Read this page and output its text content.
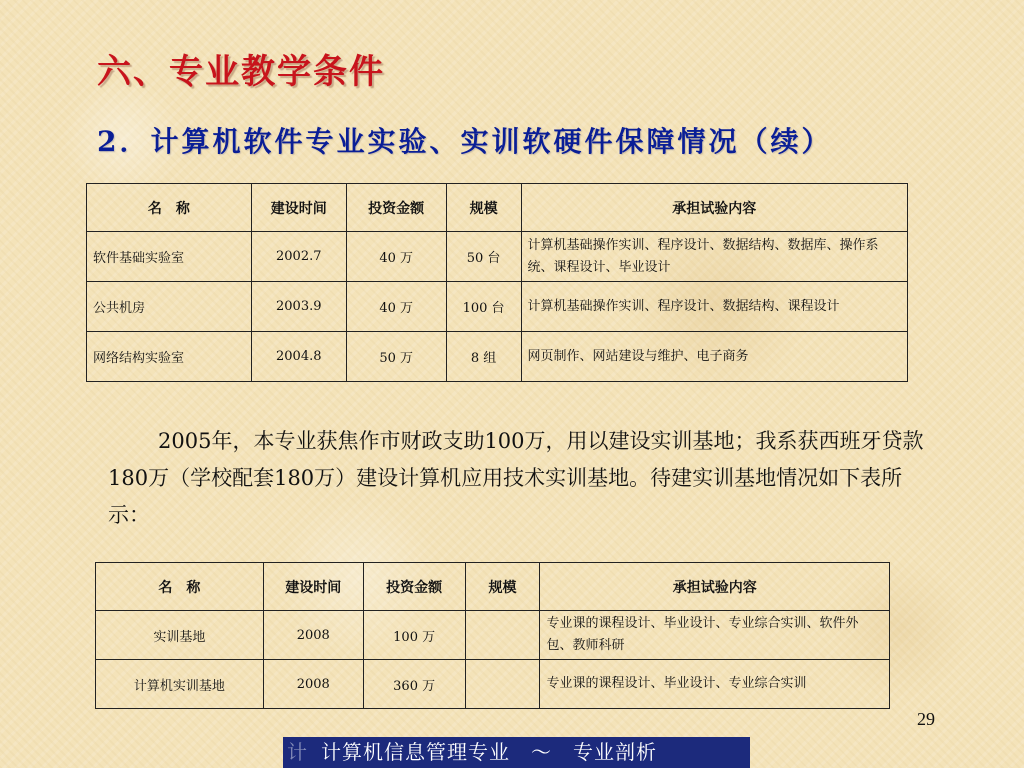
六、专业教学条件
2．计算机软件专业实验、实训软硬件保障情况（续）
名　称	建设时间	投资金额	规模	承担试验内容
软件基础实验室	2002.7	40 万	50 台	计算机基础操作实训、程序设计、数据结构、数据库、操作系统、课程设计、毕业设计
公共机房	2003.9	40 万	100 台	计算机基础操作实训、程序设计、数据结构、课程设计
网络结构实验室	2004.8	50 万	8 组	网页制作、网站建设与维护、电子商务
2005年，本专业获焦作市财政支助100万，用以建设实训基地；我系获西班牙贷款180万（学校配套180万）建设计算机应用技术实训基地。待建实训基地情况如下表所示：
名　称	建设时间	投资金额	规模	承担试验内容
实训基地	2008	100 万		专业课的课程设计、毕业设计、专业综合实训、软件外包、教师科研
计算机实训基地	2008	360 万		专业课的课程设计、毕业设计、专业综合实训
29
计 计算机信息管理专业　～　专业剖析
